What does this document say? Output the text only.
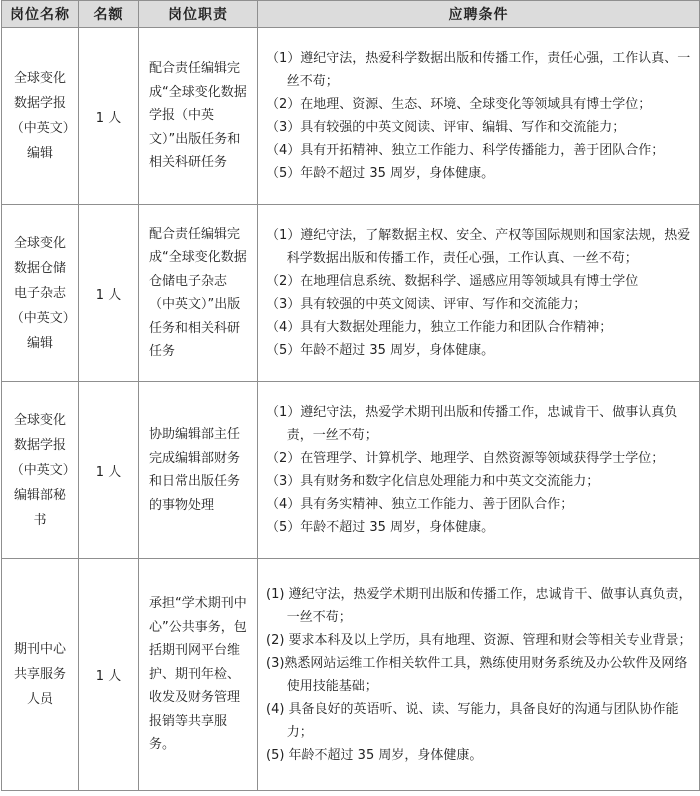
岗位名称	名额	岗位职责	应聘条件
全球变化数据学报（中英文）编辑	1 人	配合责任编辑完成“全球变化数据学报（中英文）”出版任务和相关科研任务	（1）遵纪守法，热爱科学数据出版和传播工作，责任心强，工作认真、一丝不苟；
（2）在地理、资源、生态、环境、全球变化等领域具有博士学位；
（3）具有较强的中英文阅读、评审、编辑、写作和交流能力；
（4）具有开拓精神、独立工作能力、科学传播能力，善于团队合作；
（5）年龄不超过 35 周岁，身体健康。

全球变化数据仓储电子杂志（中英文）编辑	1 人	配合责任编辑完成“全球变化数据仓储电子杂志（中英文）”出版任务和相关科研任务	（1）遵纪守法，了解数据主权、安全、产权等国际规则和国家法规，热爱科学数据出版和传播工作，责任心强，工作认真、一丝不苟；
（2）在地理信息系统、数据科学、遥感应用等领域具有博士学位
（3）具有较强的中英文阅读、评审、写作和交流能力；
（4）具有大数据处理能力，独立工作能力和团队合作精神；
（5）年龄不超过 35 周岁，身体健康。

全球变化数据学报（中英文）编辑部秘书	1 人	协助编辑部主任完成编辑部财务和日常出版任务的事物处理	（1）遵纪守法，热爱学术期刊出版和传播工作，忠诚肯干、做事认真负责，一丝不苟；
（2）在管理学、计算机学、地理学、自然资源等领域获得学士学位；
（3）具有财务和数字化信息处理能力和中英文交流能力；
（4）具有务实精神、独立工作能力、善于团队合作；
（5）年龄不超过 35 周岁，身体健康。

期刊中心共享服务人员	1 人	承担“学术期刊中心”公共事务，包括期刊网平台维护、期刊年检、收发及财务管理报销等共享服务。	(1) 遵纪守法，热爱学术期刊出版和传播工作，忠诚肯干、做事认真负责，一丝不苟；
(2) 要求本科及以上学历，具有地理、资源、管理和财会等相关专业背景；
(3)熟悉网站运维工作相关软件工具，熟练使用财务系统及办公软件及网络使用技能基础；
(4) 具备良好的英语听、说、读、写能力，具备良好的沟通与团队协作能力；
(5) 年龄不超过 35 周岁，身体健康。
